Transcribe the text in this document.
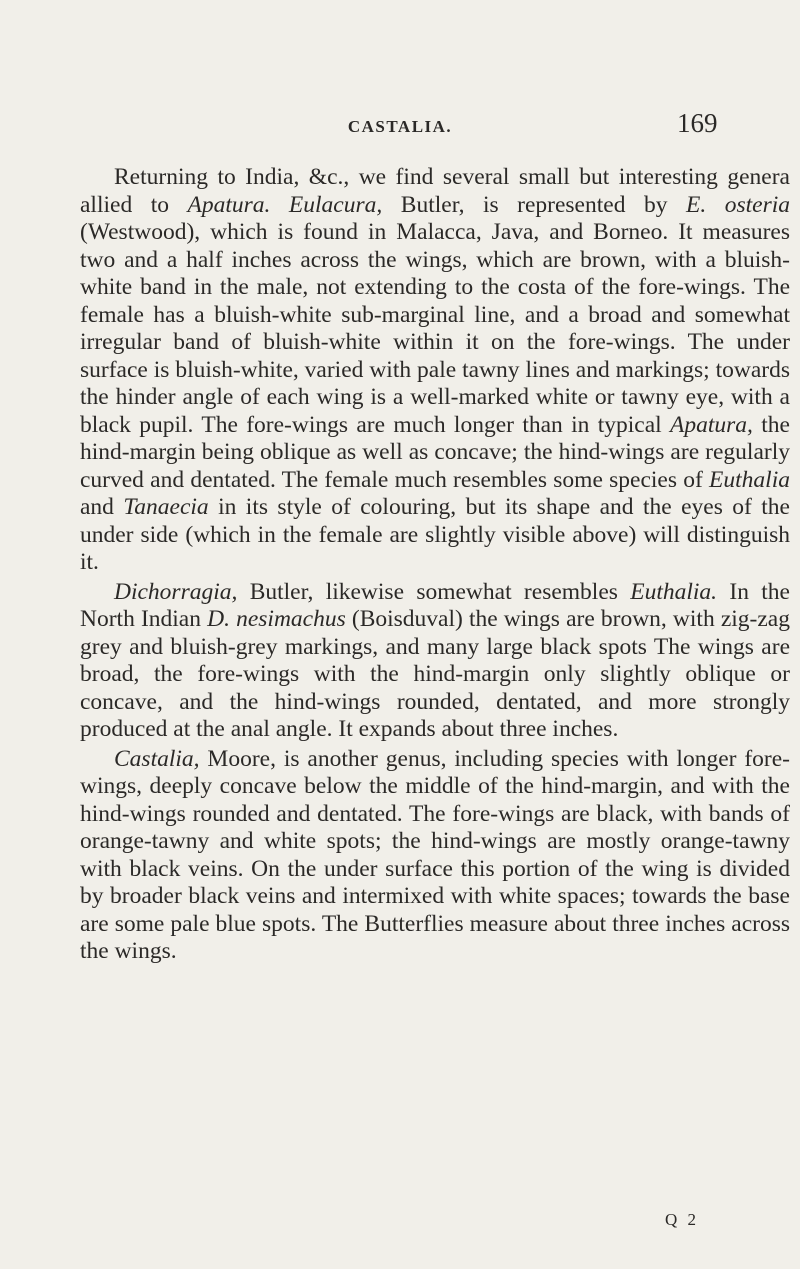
CASTALIA.	169

Returning to India, &c., we find several small but interesting genera allied to Apatura. Eulacura, Butler, is represented by E. osteria (Westwood), which is found in Malacca, Java, and Borneo. It measures two and a half inches across the wings, which are brown, with a bluish-white band in the male, not extending to the costa of the fore-wings. The female has a bluish-white sub-marginal line, and a broad and somewhat irregular band of bluish-white within it on the fore-wings. The under surface is bluish-white, varied with pale tawny lines and markings; towards the hinder angle of each wing is a well-marked white or tawny eye, with a black pupil. The fore-wings are much longer than in typical Apatura, the hind-margin being oblique as well as concave; the hind-wings are regularly curved and dentated. The female much resembles some species of Euthalia and Tanaecia in its style of colouring, but its shape and the eyes of the under side (which in the female are slightly visible above) will distinguish it.

Dichorragia, Butler, likewise somewhat resembles Euthalia. In the North Indian D. nesimachus (Boisduval) the wings are brown, with zig-zag grey and bluish-grey markings, and many large black spots The wings are broad, the fore-wings with the hind-margin only slightly oblique or concave, and the hind-wings rounded, dentated, and more strongly produced at the anal angle. It expands about three inches.

Castalia, Moore, is another genus, including species with longer fore-wings, deeply concave below the middle of the hind-margin, and with the hind-wings rounded and dentated. The fore-wings are black, with bands of orange-tawny and white spots; the hind-wings are mostly orange-tawny with black veins. On the under surface this portion of the wing is divided by broader black veins and intermixed with white spaces; towards the base are some pale blue spots. The Butterflies measure about three inches across the wings.

Q 2
